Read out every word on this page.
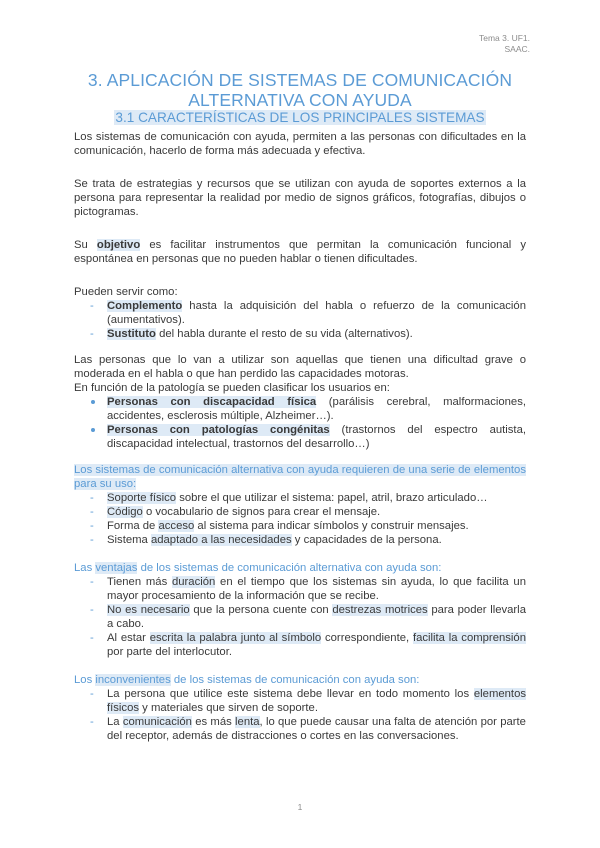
Tema 3. UF1.
SAAC.
3. APLICACIÓN DE SISTEMAS DE COMUNICACIÓN ALTERNATIVA CON AYUDA
3.1 CARACTERÍSTICAS DE LOS PRINCIPALES SISTEMAS

Los sistemas de comunicación con ayuda, permiten a las personas con dificultades en la comunicación, hacerlo de forma más adecuada y efectiva.

Se trata de estrategias y recursos que se utilizan con ayuda de soportes externos a la persona para representar la realidad por medio de signos gráficos, fotografías, dibujos o pictogramas.

Su objetivo es facilitar instrumentos que permitan la comunicación funcional y espontánea en personas que no pueden hablar o tienen dificultades.

Pueden servir como:

- Complemento hasta la adquisición del habla o refuerzo de la comunicación (aumentativos).
- Sustituto del habla durante el resto de su vida (alternativos).

Las personas que lo van a utilizar son aquellas que tienen una dificultad grave o moderada en el habla o que han perdido las capacidades motoras.
En función de la patología se pueden clasificar los usuarios en:

Personas con discapacidad física (parálisis cerebral, malformaciones, accidentes, esclerosis múltiple, Alzheimer…).
Personas con patologías congénitas (trastornos del espectro autista, discapacidad intelectual, trastornos del desarrollo…)

Los sistemas de comunicación alternativa con ayuda requieren de una serie de elementos para su uso:

- Soporte físico sobre el que utilizar el sistema: papel, atril, brazo articulado…
- Código o vocabulario de signos para crear el mensaje.
- Forma de acceso al sistema para indicar símbolos y construir mensajes.
- Sistema adaptado a las necesidades y capacidades de la persona.

Las ventajas de los sistemas de comunicación alternativa con ayuda son:

- Tienen más duración en el tiempo que los sistemas sin ayuda, lo que facilita un mayor procesamiento de la información que se recibe.
- No es necesario que la persona cuente con destrezas motrices para poder llevarla a cabo.
- Al estar escrita la palabra junto al símbolo correspondiente, facilita la comprensión por parte del interlocutor.

Los inconvenientes de los sistemas de comunicación con ayuda son:

- La persona que utilice este sistema debe llevar en todo momento los elementos físicos y materiales que sirven de soporte.
- La comunicación es más lenta, lo que puede causar una falta de atención por parte del receptor, además de distracciones o cortes en las conversaciones.
1
